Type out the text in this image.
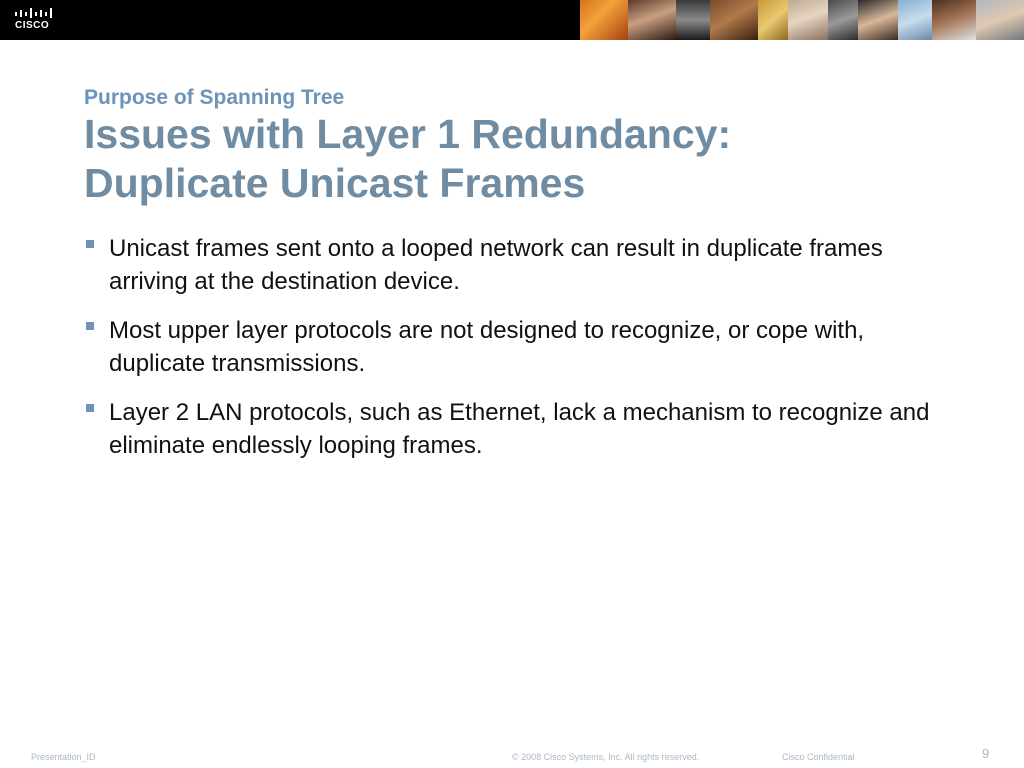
CISCO
Purpose of Spanning Tree
Issues with Layer 1 Redundancy:
Duplicate Unicast Frames
Unicast frames sent onto a looped network can result in duplicate frames arriving at the destination device.
Most upper layer protocols are not designed to recognize, or cope with, duplicate transmissions.
Layer 2 LAN protocols, such as Ethernet, lack a mechanism to recognize and eliminate endlessly looping frames.
Presentation_ID	© 2008 Cisco Systems, Inc. All rights reserved.	Cisco Confidential	9
